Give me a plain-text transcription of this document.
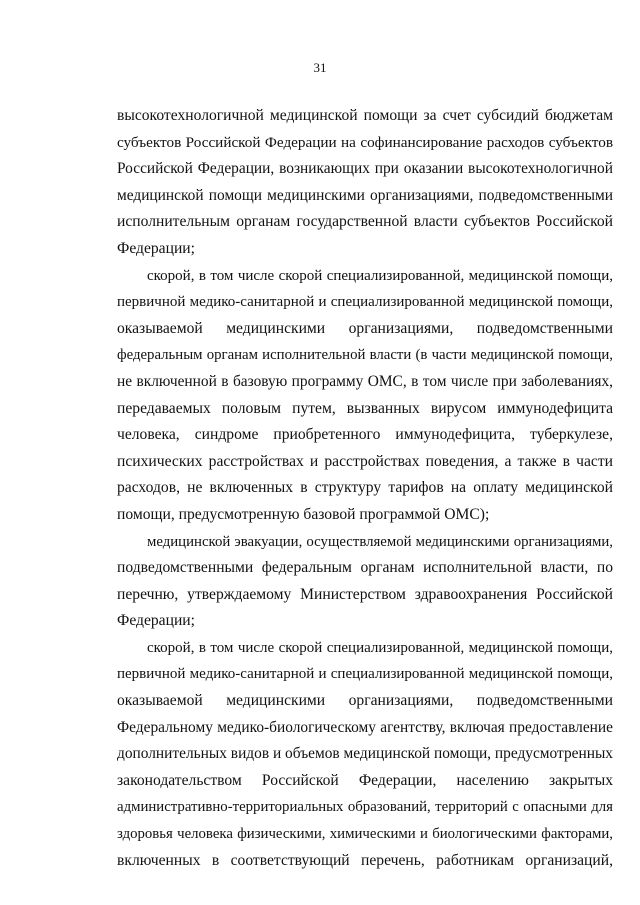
31
высокотехнологичной медицинской помощи за счет субсидий бюджетам
субъектов Российской Федерации на софинансирование расходов субъектов
Российской Федерации, возникающих при оказании высокотехнологичной
медицинской помощи медицинскими организациями, подведомственными
исполнительным органам государственной власти субъектов Российской
Федерации;
скорой, в том числе скорой специализированной, медицинской помощи,
первичной медико-санитарной и специализированной медицинской помощи,
оказываемой медицинскими организациями, подведомственными
федеральным органам исполнительной власти (в части медицинской помощи,
не включенной в базовую программу ОМС, в том числе при заболеваниях,
передаваемых половым путем, вызванных вирусом иммунодефицита
человека, синдроме приобретенного иммунодефицита, туберкулезе,
психических расстройствах и расстройствах поведения, а также в части
расходов, не включенных в структуру тарифов на оплату медицинской
помощи, предусмотренную базовой программой ОМС);
медицинской эвакуации, осуществляемой медицинскими организациями,
подведомственными федеральным органам исполнительной власти, по
перечню, утверждаемому Министерством здравоохранения Российской
Федерации;
скорой, в том числе скорой специализированной, медицинской помощи,
первичной медико-санитарной и специализированной медицинской помощи,
оказываемой медицинскими организациями, подведомственными
Федеральному медико-биологическому агентству, включая предоставление
дополнительных видов и объемов медицинской помощи, предусмотренных
законодательством Российской Федерации, населению закрытых
административно-территориальных образований, территорий с опасными для
здоровья человека физическими, химическими и биологическими факторами,
включенных в соответствующий перечень, работникам организаций,
